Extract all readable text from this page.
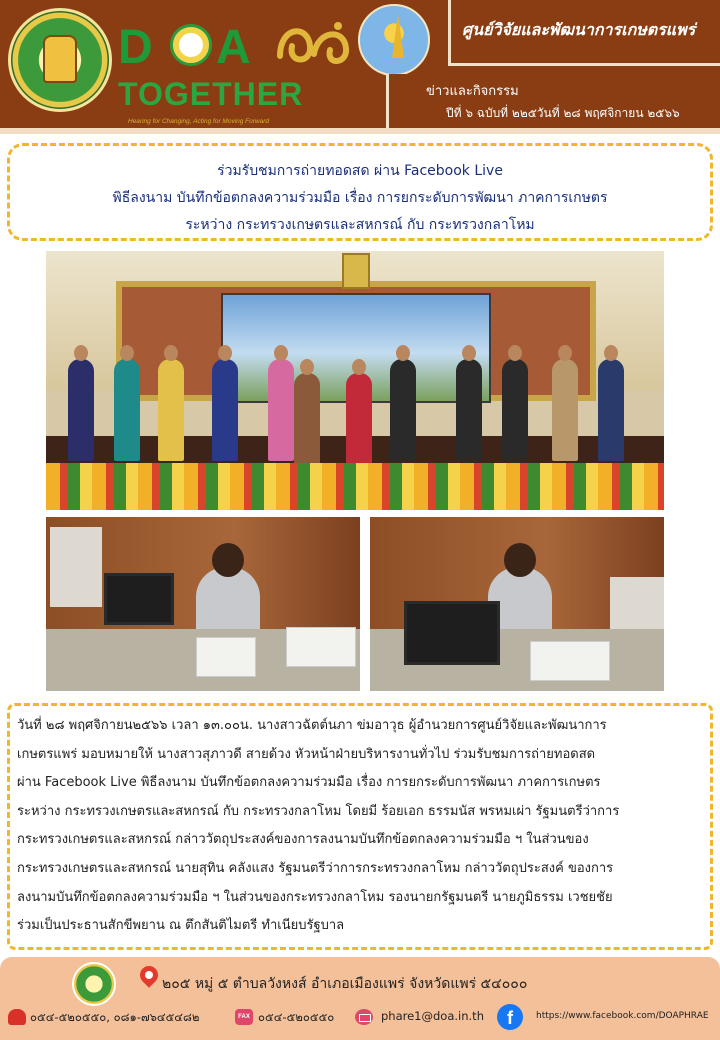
D A
TOGETHER
Hearing for Changing, Acting for Moving Forward
ศูนย์วิจัยและพัฒนาการเกษตรแพร่
ข่าวและกิจกรรม
ปีที่ ๖ ฉบับที่ ๒๒๕วันที่ ๒๘ พฤศจิกายน ๒๕๖๖
ร่วมรับชมการถ่ายทอดสด ผ่าน Facebook Live
พิธีลงนาม บันทึกข้อตกลงความร่วมมือ เรื่อง การยกระดับการพัฒนา ภาคการเกษตร
ระหว่าง กระทรวงเกษตรและสหกรณ์ กับ กระทรวงกลาโหม
วันที่ ๒๘ พฤศจิกายน๒๕๖๖ เวลา ๑๓.๐๐น. นางสาวฉัตต์นภา ข่มอาวุธ ผู้อำนวยการศูนย์วิจัยและพัฒนาการ
เกษตรแพร่ มอบหมายให้ นางสาวสุภาวดี สายด้วง หัวหน้าฝ่ายบริหารงานทั่วไป ร่วมรับชมการถ่ายทอดสด
ผ่าน Facebook Live พิธีลงนาม บันทึกข้อตกลงความร่วมมือ เรื่อง การยกระดับการพัฒนา ภาคการเกษตร
ระหว่าง กระทรวงเกษตรและสหกรณ์ กับ กระทรวงกลาโหม โดยมี ร้อยเอก ธรรมนัส พรหมเผ่า รัฐมนตรีว่าการ
กระทรวงเกษตรและสหกรณ์ กล่าววัตถุประสงค์ของการลงนามบันทึกข้อตกลงความร่วมมือ ฯ ในส่วนของ
กระทรวงเกษตรและสหกรณ์ นายสุทิน คลังแสง รัฐมนตรีว่าการกระทรวงกลาโหม กล่าววัตถุประสงค์ ของการ
ลงนามบันทึกข้อตกลงความร่วมมือ ฯ ในส่วนของกระทรวงกลาโหม รองนายกรัฐมนตรี นายภูมิธรรม เวชยชัย
ร่วมเป็นประธานสักขีพยาน ณ ตึกสันติไมตรี ทำเนียบรัฐบาล
๒๐๕ หมู่ ๕ ตำบลวังหงส์ อำเภอเมืองแพร่ จังหวัดแพร่ ๕๔๐๐๐
๐๕๔-๕๒๐๕๕๐, ๐๘๑-๗๖๔๕๔๘๒	FAX ๐๕๔-๕๒๐๕๕๐	phare1@doa.in.th	f	https://www.facebook.com/DOAPHRAE
